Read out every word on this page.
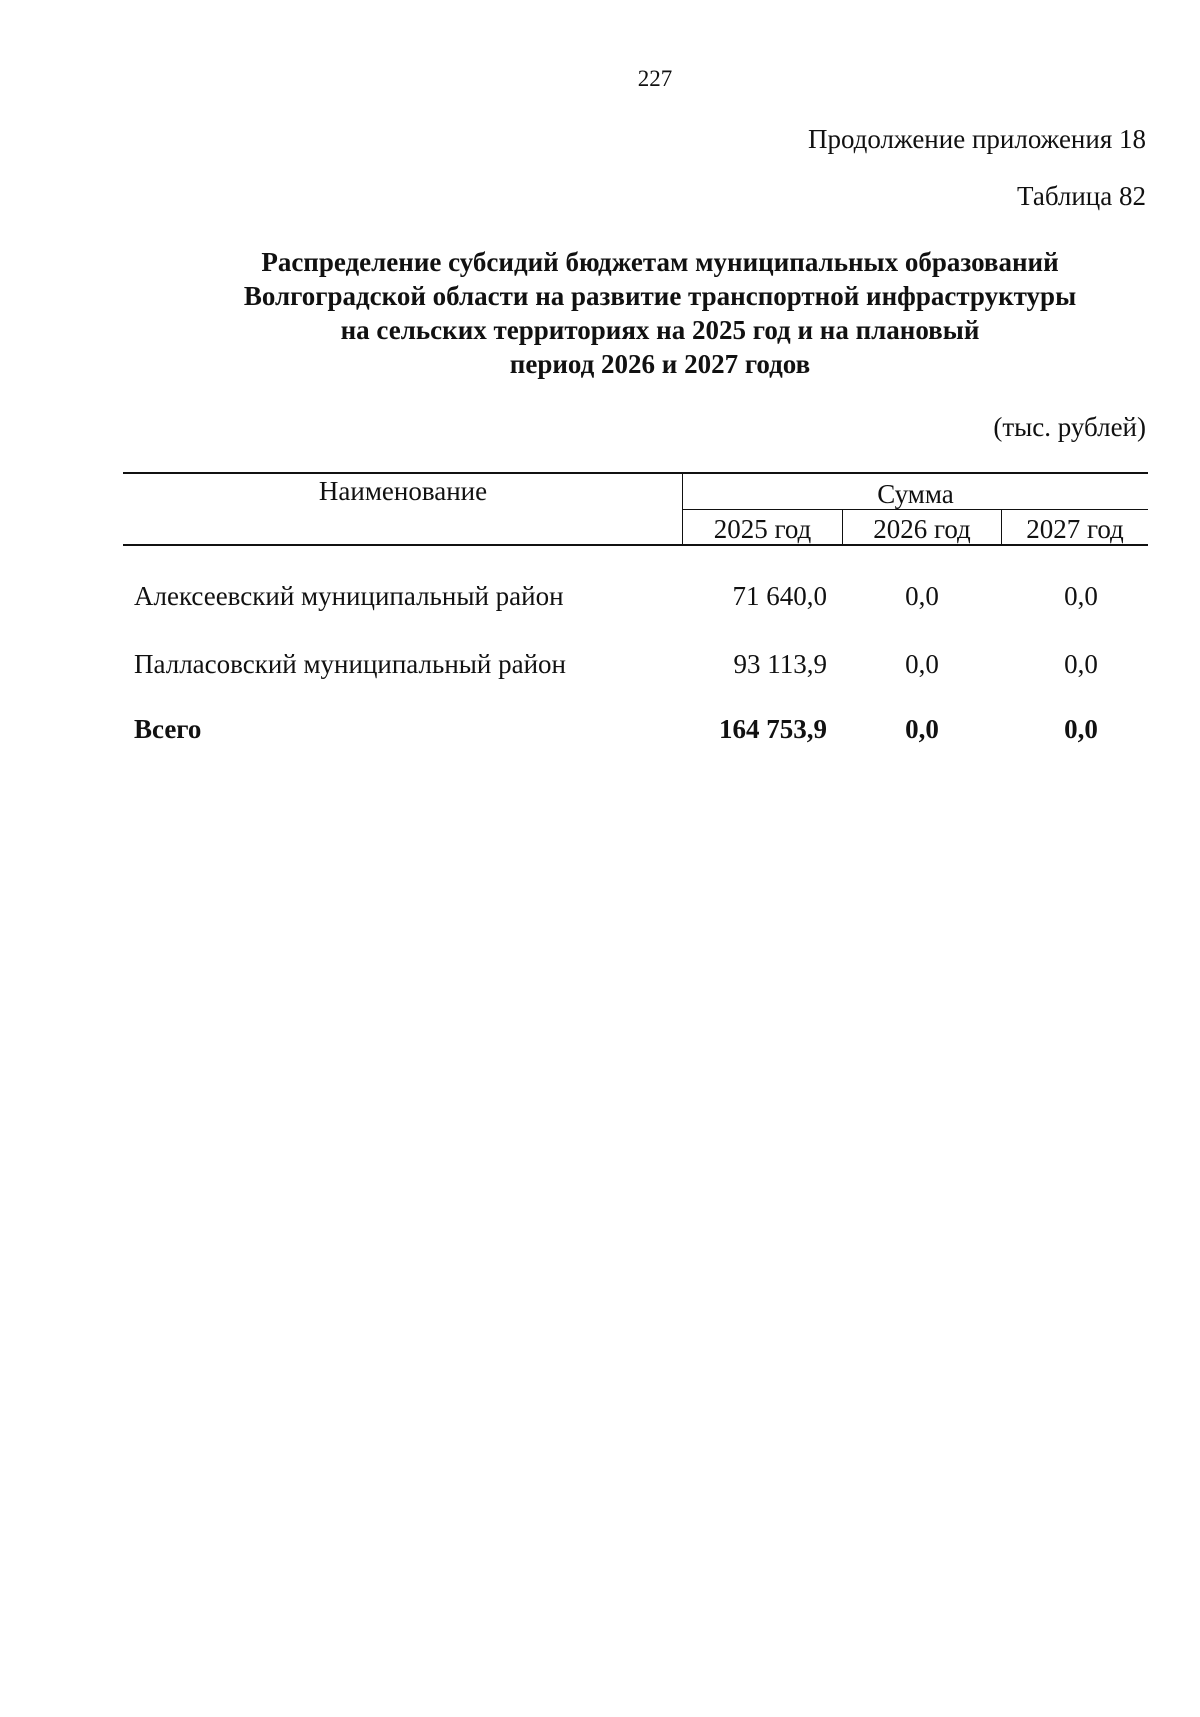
227
Продолжение приложения 18
Таблица 82
Распределение субсидий бюджетам муниципальных образований
Волгоградской области на развитие транспортной инфраструктуры
на сельских территориях на 2025 год и на плановый
период 2026 и 2027 годов
(тыс. рублей)
Наименование	Сумма
2025 год	2026 год	2027 год
Алексеевский муниципальный район	71 640,0	0,0	0,0
Палласовский муниципальный район	93 113,9	0,0	0,0
Всего	164 753,9	0,0	0,0
